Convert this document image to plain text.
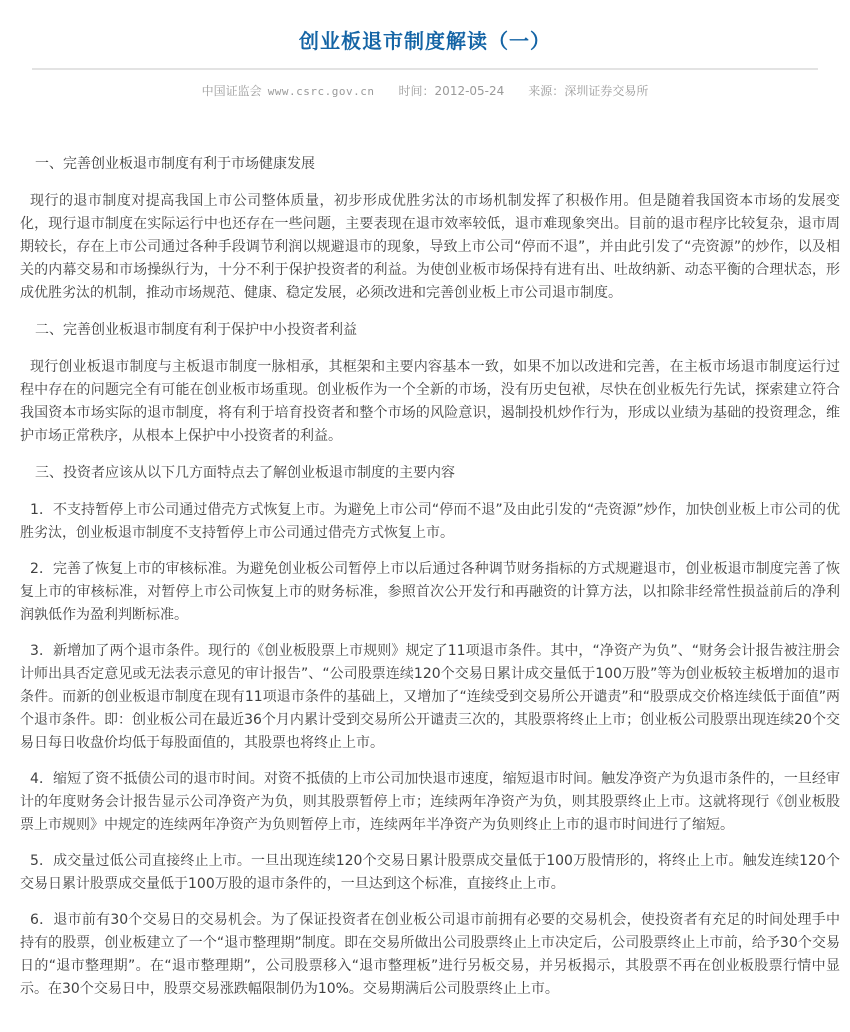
创业板退市制度解读（一）
中国证监会 www.csrc.gov.cn 时间：2012-05-24 来源：深圳证券交易所
一、完善创业板退市制度有利于市场健康发展

现行的退市制度对提高我国上市公司整体质量，初步形成优胜劣汰的市场机制发挥了积极作用。但是随着我国资本市场的发展变化，现行退市制度在实际运行中也还存在一些问题，主要表现在退市效率较低，退市难现象突出。目前的退市程序比较复杂，退市周期较长，存在上市公司通过各种手段调节利润以规避退市的现象，导致上市公司“停而不退”，并由此引发了“壳资源”的炒作，以及相关的内幕交易和市场操纵行为，十分不利于保护投资者的利益。为使创业板市场保持有进有出、吐故纳新、动态平衡的合理状态，形成优胜劣汰的机制，推动市场规范、健康、稳定发展，必须改进和完善创业板上市公司退市制度。

二、完善创业板退市制度有利于保护中小投资者利益

现行创业板退市制度与主板退市制度一脉相承，其框架和主要内容基本一致，如果不加以改进和完善，在主板市场退市制度运行过程中存在的问题完全有可能在创业板市场重现。创业板作为一个全新的市场，没有历史包袱，尽快在创业板先行先试，探索建立符合我国资本市场实际的退市制度，将有利于培育投资者和整个市场的风险意识，遏制投机炒作行为，形成以业绩为基础的投资理念，维护市场正常秩序，从根本上保护中小投资者的利益。

三、投资者应该从以下几方面特点去了解创业板退市制度的主要内容

1．不支持暂停上市公司通过借壳方式恢复上市。为避免上市公司“停而不退”及由此引发的“壳资源”炒作，加快创业板上市公司的优胜劣汰，创业板退市制度不支持暂停上市公司通过借壳方式恢复上市。

2．完善了恢复上市的审核标准。为避免创业板公司暂停上市以后通过各种调节财务指标的方式规避退市，创业板退市制度完善了恢复上市的审核标准，对暂停上市公司恢复上市的财务标准，参照首次公开发行和再融资的计算方法，以扣除非经常性损益前后的净利润孰低作为盈利判断标准。

3．新增加了两个退市条件。现行的《创业板股票上市规则》规定了11项退市条件。其中，“净资产为负”、“财务会计报告被注册会计师出具否定意见或无法表示意见的审计报告”、“公司股票连续120个交易日累计成交量低于100万股”等为创业板较主板增加的退市条件。而新的创业板退市制度在现有11项退市条件的基础上，又增加了“连续受到交易所公开谴责”和“股票成交价格连续低于面值”两个退市条件。即：创业板公司在最近36个月内累计受到交易所公开谴责三次的，其股票将终止上市；创业板公司股票出现连续20个交易日每日收盘价均低于每股面值的，其股票也将终止上市。

4．缩短了资不抵债公司的退市时间。对资不抵债的上市公司加快退市速度，缩短退市时间。触发净资产为负退市条件的，一旦经审计的年度财务会计报告显示公司净资产为负，则其股票暂停上市；连续两年净资产为负，则其股票终止上市。这就将现行《创业板股票上市规则》中规定的连续两年净资产为负则暂停上市，连续两年半净资产为负则终止上市的退市时间进行了缩短。

5．成交量过低公司直接终止上市。一旦出现连续120个交易日累计股票成交量低于100万股情形的，将终止上市。触发连续120个交易日累计股票成交量低于100万股的退市条件的，一旦达到这个标准，直接终止上市。

6．退市前有30个交易日的交易机会。为了保证投资者在创业板公司退市前拥有必要的交易机会，使投资者有充足的时间处理手中持有的股票，创业板建立了一个“退市整理期”制度。即在交易所做出公司股票终止上市决定后，公司股票终止上市前，给予30个交易日的“退市整理期”。在“退市整理期”，公司股票移入“退市整理板”进行另板交易，并另板揭示，其股票不再在创业板股票行情中显示。在30个交易日中，股票交易涨跌幅限制仍为10%。交易期满后公司股票终止上市。
